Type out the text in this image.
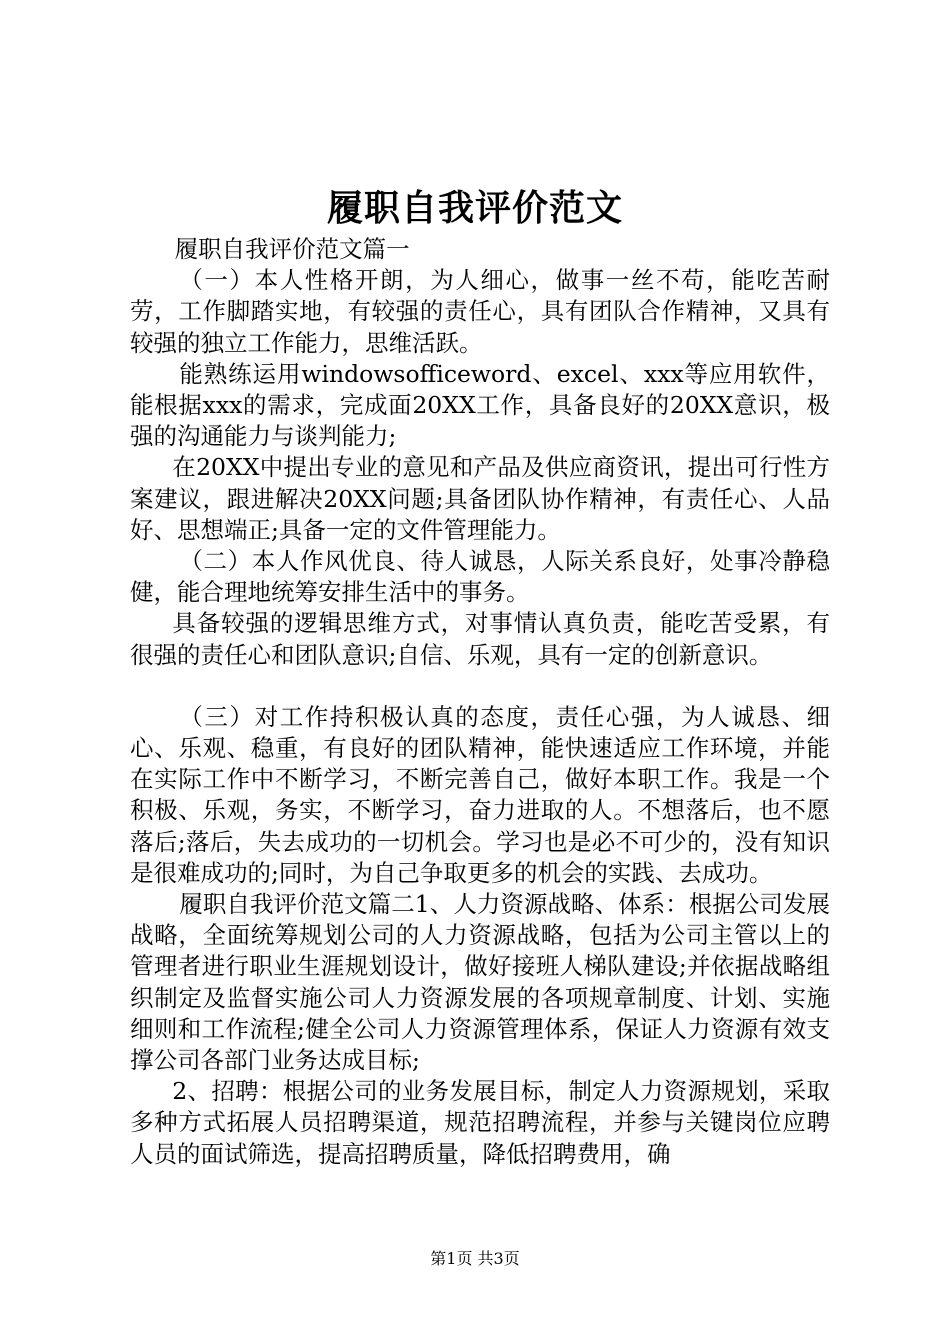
履职自我评价范文

履职自我评价范文篇一

（一）本人性格开朗，为人细心，做事一丝不苟，能吃苦耐劳，工作脚踏实地，有较强的责任心，具有团队合作精神，又具有较强的独立工作能力，思维活跃。

能熟练运用windowsofficeword、excel、xxx等应用软件，能根据xxx的需求，完成面20XX工作，具备良好的20XX意识，极强的沟通能力与谈判能力;

在20XX中提出专业的意见和产品及供应商资讯，提出可行性方案建议，跟进解决20XX问题;具备团队协作精神，有责任心、人品好、思想端正;具备一定的文件管理能力。

（二）本人作风优良、待人诚恳，人际关系良好，处事冷静稳健，能合理地统筹安排生活中的事务。

具备较强的逻辑思维方式，对事情认真负责，能吃苦受累，有很强的责任心和团队意识;自信、乐观，具有一定的创新意识。

（三）对工作持积极认真的态度，责任心强，为人诚恳、细心、乐观、稳重，有良好的团队精神，能快速适应工作环境，并能在实际工作中不断学习，不断完善自己，做好本职工作。我是一个积极、乐观，务实，不断学习，奋力进取的人。不想落后，也不愿落后;落后，失去成功的一切机会。学习也是必不可少的，没有知识是很难成功的;同时，为自己争取更多的机会的实践、去成功。

履职自我评价范文篇二1、人力资源战略、体系：根据公司发展战略，全面统筹规划公司的人力资源战略，包括为公司主管以上的管理者进行职业生涯规划设计，做好接班人梯队建设;并依据战略组织制定及监督实施公司人力资源发展的各项规章制度、计划、实施细则和工作流程;健全公司人力资源管理体系，保证人力资源有效支撑公司各部门业务达成目标;

2、招聘：根据公司的业务发展目标，制定人力资源规划，采取多种方式拓展人员招聘渠道，规范招聘流程，并参与关键岗位应聘人员的面试筛选，提高招聘质量，降低招聘费用，确

第1页 共3页
